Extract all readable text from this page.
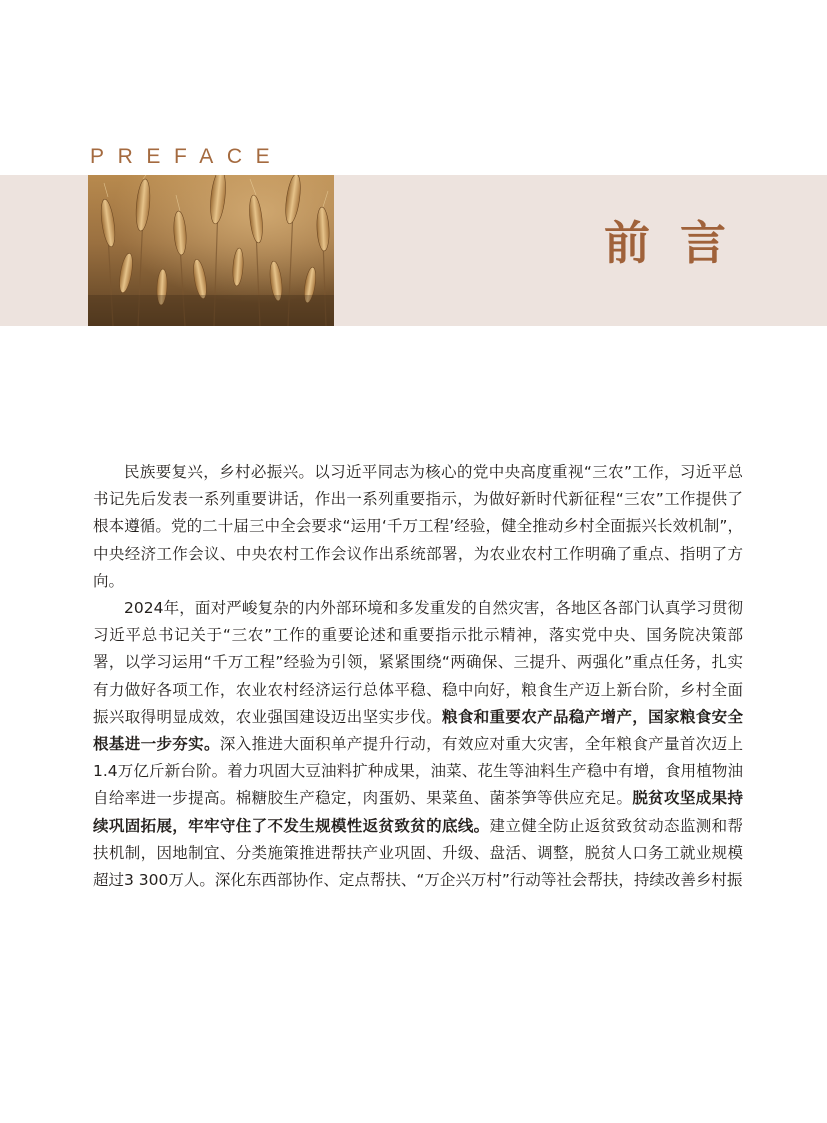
PREFACE
前言

民族要复兴，乡村必振兴。以习近平同志为核心的党中央高度重视“三农”工作，习近平总书记先后发表一系列重要讲话，作出一系列重要指示，为做好新时代新征程“三农”工作提供了根本遵循。党的二十届三中全会要求“运用‘千万工程’经验，健全推动乡村全面振兴长效机制”，中央经济工作会议、中央农村工作会议作出系统部署，为农业农村工作明确了重点、指明了方向。

2024年，面对严峻复杂的内外部环境和多发重发的自然灾害，各地区各部门认真学习贯彻习近平总书记关于“三农”工作的重要论述和重要指示批示精神，落实党中央、国务院决策部署，以学习运用“千万工程”经验为引领，紧紧围绕“两确保、三提升、两强化”重点任务，扎实有力做好各项工作，农业农村经济运行总体平稳、稳中向好，粮食生产迈上新台阶，乡村全面振兴取得明显成效，农业强国建设迈出坚实步伐。粮食和重要农产品稳产增产，国家粮食安全根基进一步夯实。深入推进大面积单产提升行动，有效应对重大灾害，全年粮食产量首次迈上1.4万亿斤新台阶。着力巩固大豆油料扩种成果，油菜、花生等油料生产稳中有增，食用植物油自给率进一步提高。棉糖胶生产稳定，肉蛋奶、果菜鱼、菌茶笋等供应充足。脱贫攻坚成果持续巩固拓展，牢牢守住了不发生规模性返贫致贫的底线。建立健全防止返贫致贫动态监测和帮扶机制，因地制宜、分类施策推进帮扶产业巩固、升级、盘活、调整，脱贫人口务工就业规模超过3 300万人。深化东西部协作、定点帮扶、“万企兴万村”行动等社会帮扶，持续改善乡村振
